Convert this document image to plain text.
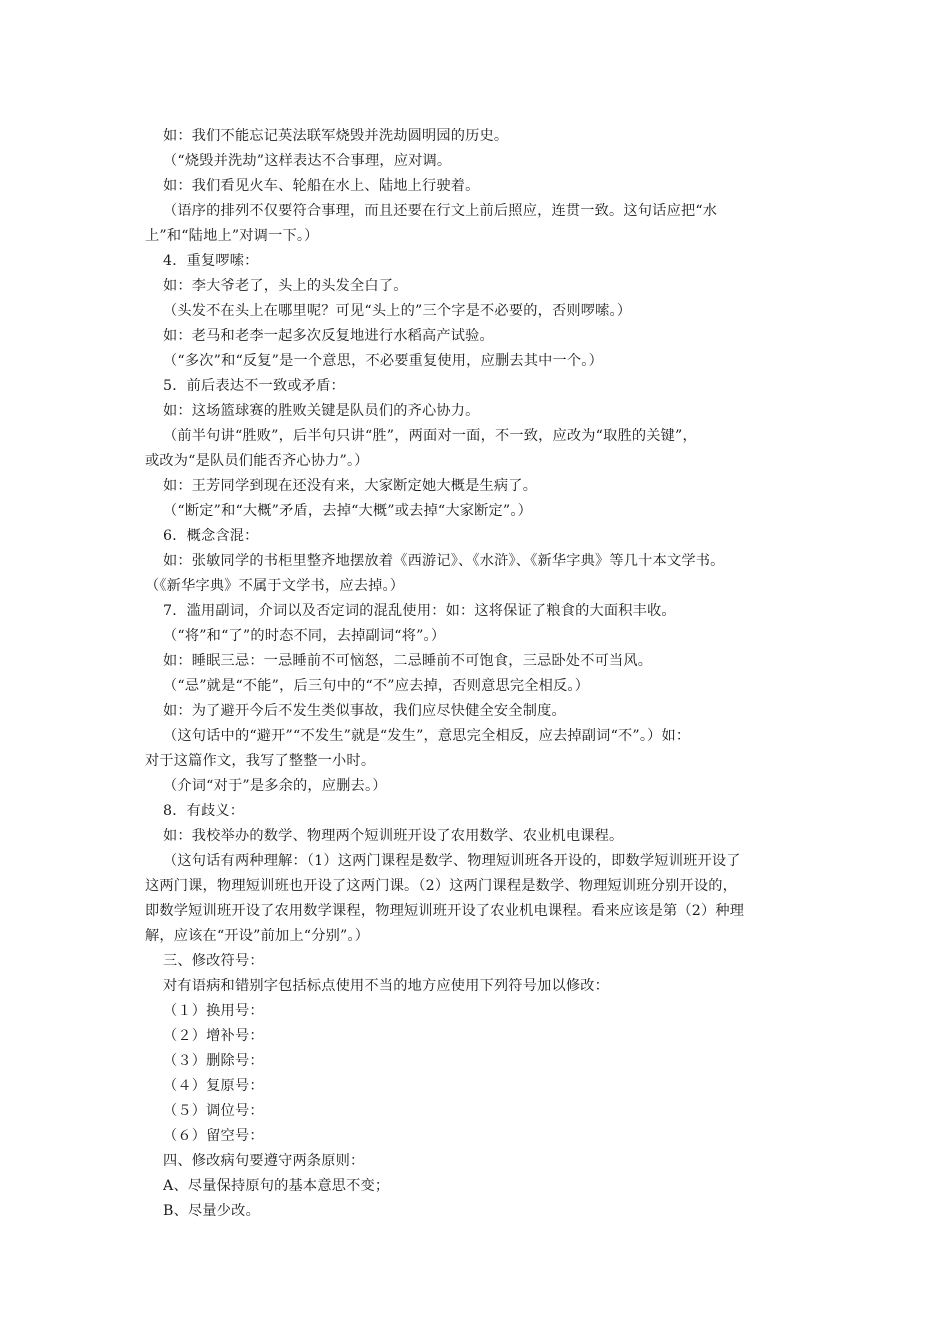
如：我们不能忘记英法联军烧毁并洗劫圆明园的历史。
（“烧毁并洗劫”这样表达不合事理，应对调。
如：我们看见火车、轮船在水上、陆地上行驶着。
（语序的排列不仅要符合事理，而且还要在行文上前后照应，连贯一致。这句话应把“水
上”和“陆地上”对调一下。）
4．重复啰嗦：
如：李大爷老了，头上的头发全白了。
（头发不在头上在哪里呢？可见“头上的”三个字是不必要的，否则啰嗦。）
如：老马和老李一起多次反复地进行水稻高产试验。
（“多次”和“反复”是一个意思，不必要重复使用，应删去其中一个。）
5．前后表达不一致或矛盾：
如：这场篮球赛的胜败关键是队员们的齐心协力。
（前半句讲“胜败”，后半句只讲“胜”，两面对一面，不一致，应改为“取胜的关键”，
或改为“是队员们能否齐心协力”。）
如：王芳同学到现在还没有来，大家断定她大概是生病了。
（“断定”和“大概”矛盾，去掉“大概”或去掉“大家断定”。）
6．概念含混：
如：张敏同学的书柜里整齐地摆放着《西游记》、《水浒》、《新华字典》等几十本文学书。
（《新华字典》不属于文学书，应去掉。）
7．滥用副词，介词以及否定词的混乱使用：如：这将保证了粮食的大面积丰收。
（“将”和“了”的时态不同，去掉副词“将”。）
如：睡眠三忌：一忌睡前不可恼怒，二忌睡前不可饱食，三忌卧处不可当风。
（“忌”就是“不能”，后三句中的“不”应去掉，否则意思完全相反。）
如：为了避开今后不发生类似事故，我们应尽快健全安全制度。
（这句话中的“避开”“不发生”就是“发生”，意思完全相反，应去掉副词“不”。）如：
对于这篇作文，我写了整整一小时。
（介词“对于”是多余的，应删去。）
8．有歧义：
如：我校举办的数学、物理两个短训班开设了农用数学、农业机电课程。
（这句话有两种理解：（1）这两门课程是数学、物理短训班各开设的，即数学短训班开设了
这两门课，物理短训班也开设了这两门课。（2）这两门课程是数学、物理短训班分别开设的，
即数学短训班开设了农用数学课程，物理短训班开设了农业机电课程。看来应该是第（2）种理
解，应该在“开设”前加上“分别”。）
三、修改符号：
对有语病和错别字包括标点使用不当的地方应使用下列符号加以修改：
（１）换用号：
（２）增补号：
（３）删除号：
（４）复原号：
（５）调位号：
（６）留空号：
四、修改病句要遵守两条原则：
A、尽量保持原句的基本意思不变；
B、尽量少改。
